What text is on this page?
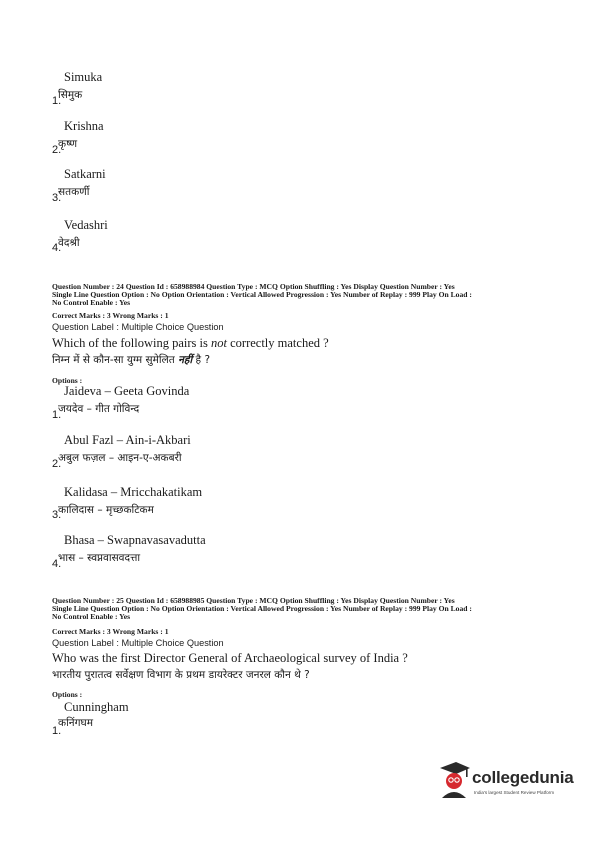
Simuka
1.
सिमुक
Krishna
2.
कृष्ण
Satkarni
3.
सतकर्णी
Vedashri
4.
वेदश्री
Question Number : 24 Question Id : 658988984 Question Type : MCQ Option Shuffling : Yes Display Question Number : Yes
Single Line Question Option : No Option Orientation : Vertical Allowed Progression : Yes Number of Replay : 999 Play On Load :
No Control Enable : Yes
Correct Marks : 3 Wrong Marks : 1
Question Label : Multiple Choice Question
Which of the following pairs is not correctly matched ?
निम्न में से कौन-सा युग्म सुमेलित नहीं है ?
Options :
Jaideva – Geeta Govinda
1.
जयदेव – गीत गोविन्द
Abul Fazl – Ain-i-Akbari
2.
अबुल फज़ल – आइन-ए-अकबरी
Kalidasa – Mricchakatikam
3.
कालिदास – मृच्छकटिकम
Bhasa – Swapnavasavadutta
4.
भास – स्वप्नवासवदत्ता
Question Number : 25 Question Id : 658988985 Question Type : MCQ Option Shuffling : Yes Display Question Number : Yes
Single Line Question Option : No Option Orientation : Vertical Allowed Progression : Yes Number of Replay : 999 Play On Load :
No Control Enable : Yes
Correct Marks : 3 Wrong Marks : 1
Question Label : Multiple Choice Question
Who was the first Director General of Archaeological survey of India ?
भारतीय पुरातत्व सर्वेक्षण विभाग के प्रथम डायरेक्टर जनरल कौन थे ?
Options :
Cunningham
1.
कनिंगघम
collegedunia
India's largest Student Review Platform
